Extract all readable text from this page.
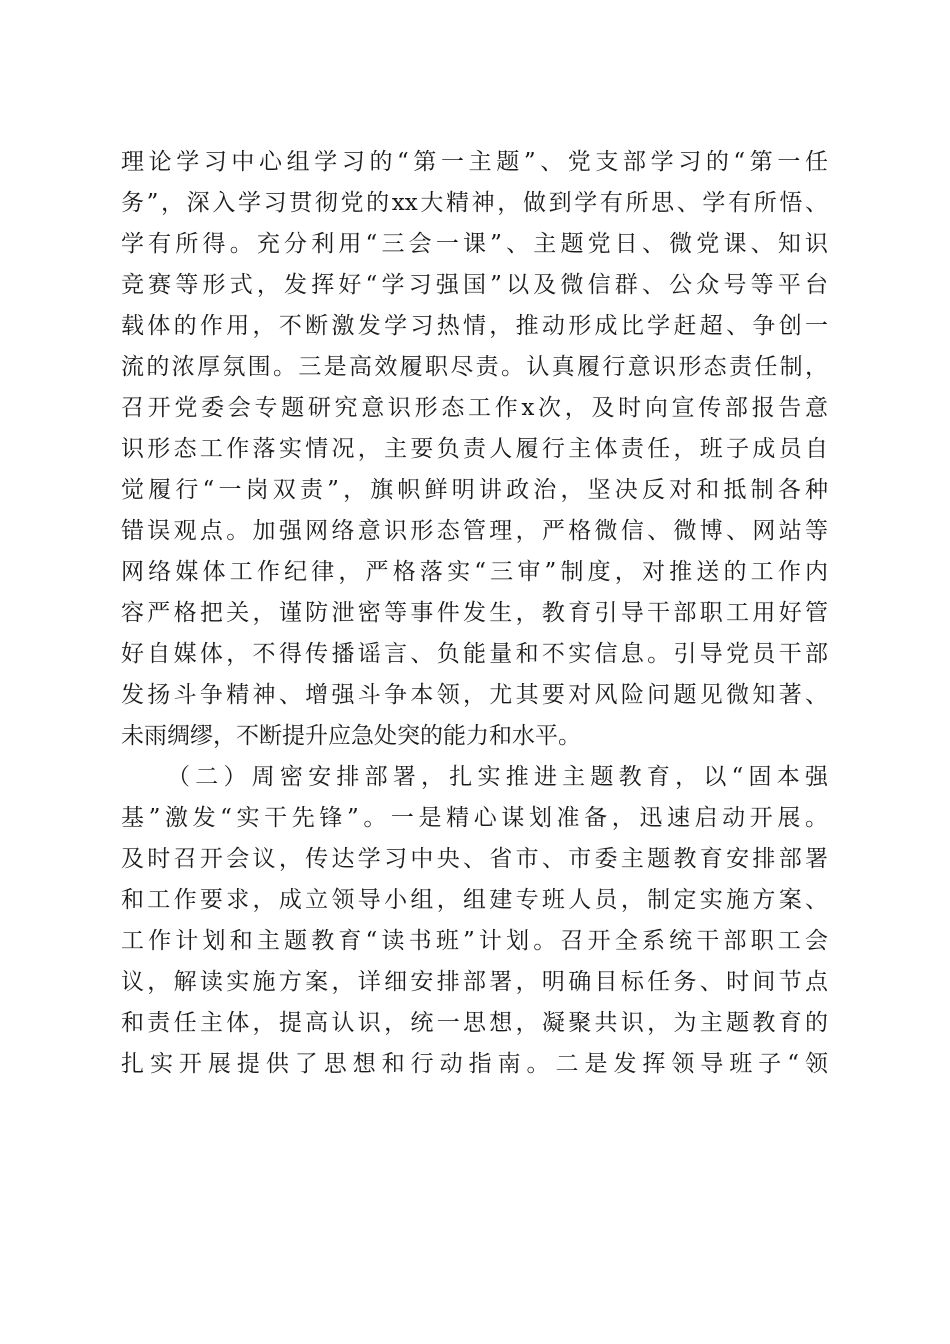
理论学习中心组学习的“第一主题”、党支部学习的“第一任
务”，深入学习贯彻党的xx大精神，做到学有所思、学有所悟、
学有所得。充分利用“三会一课”、主题党日、微党课、知识
竞赛等形式，发挥好“学习强国”以及微信群、公众号等平台
载体的作用，不断激发学习热情，推动形成比学赶超、争创一
流的浓厚氛围。三是高效履职尽责。认真履行意识形态责任制，
召开党委会专题研究意识形态工作x次，及时向宣传部报告意
识形态工作落实情况，主要负责人履行主体责任，班子成员自
觉履行“一岗双责”，旗帜鲜明讲政治，坚决反对和抵制各种
错误观点。加强网络意识形态管理，严格微信、微博、网站等
网络媒体工作纪律，严格落实“三审”制度，对推送的工作内
容严格把关，谨防泄密等事件发生，教育引导干部职工用好管
好自媒体，不得传播谣言、负能量和不实信息。引导党员干部
发扬斗争精神、增强斗争本领，尤其要对风险问题见微知著、
未雨绸缪，不断提升应急处突的能力和水平。
（二）周密安排部署，扎实推进主题教育，以“固本强
基”激发“实干先锋”。一是精心谋划准备，迅速启动开展。
及时召开会议，传达学习中央、省市、市委主题教育安排部署
和工作要求，成立领导小组，组建专班人员，制定实施方案、
工作计划和主题教育“读书班”计划。召开全系统干部职工会
议，解读实施方案，详细安排部署，明确目标任务、时间节点
和责任主体，提高认识，统一思想，凝聚共识，为主题教育的
扎实开展提供了思想和行动指南。二是发挥领导班子“领
